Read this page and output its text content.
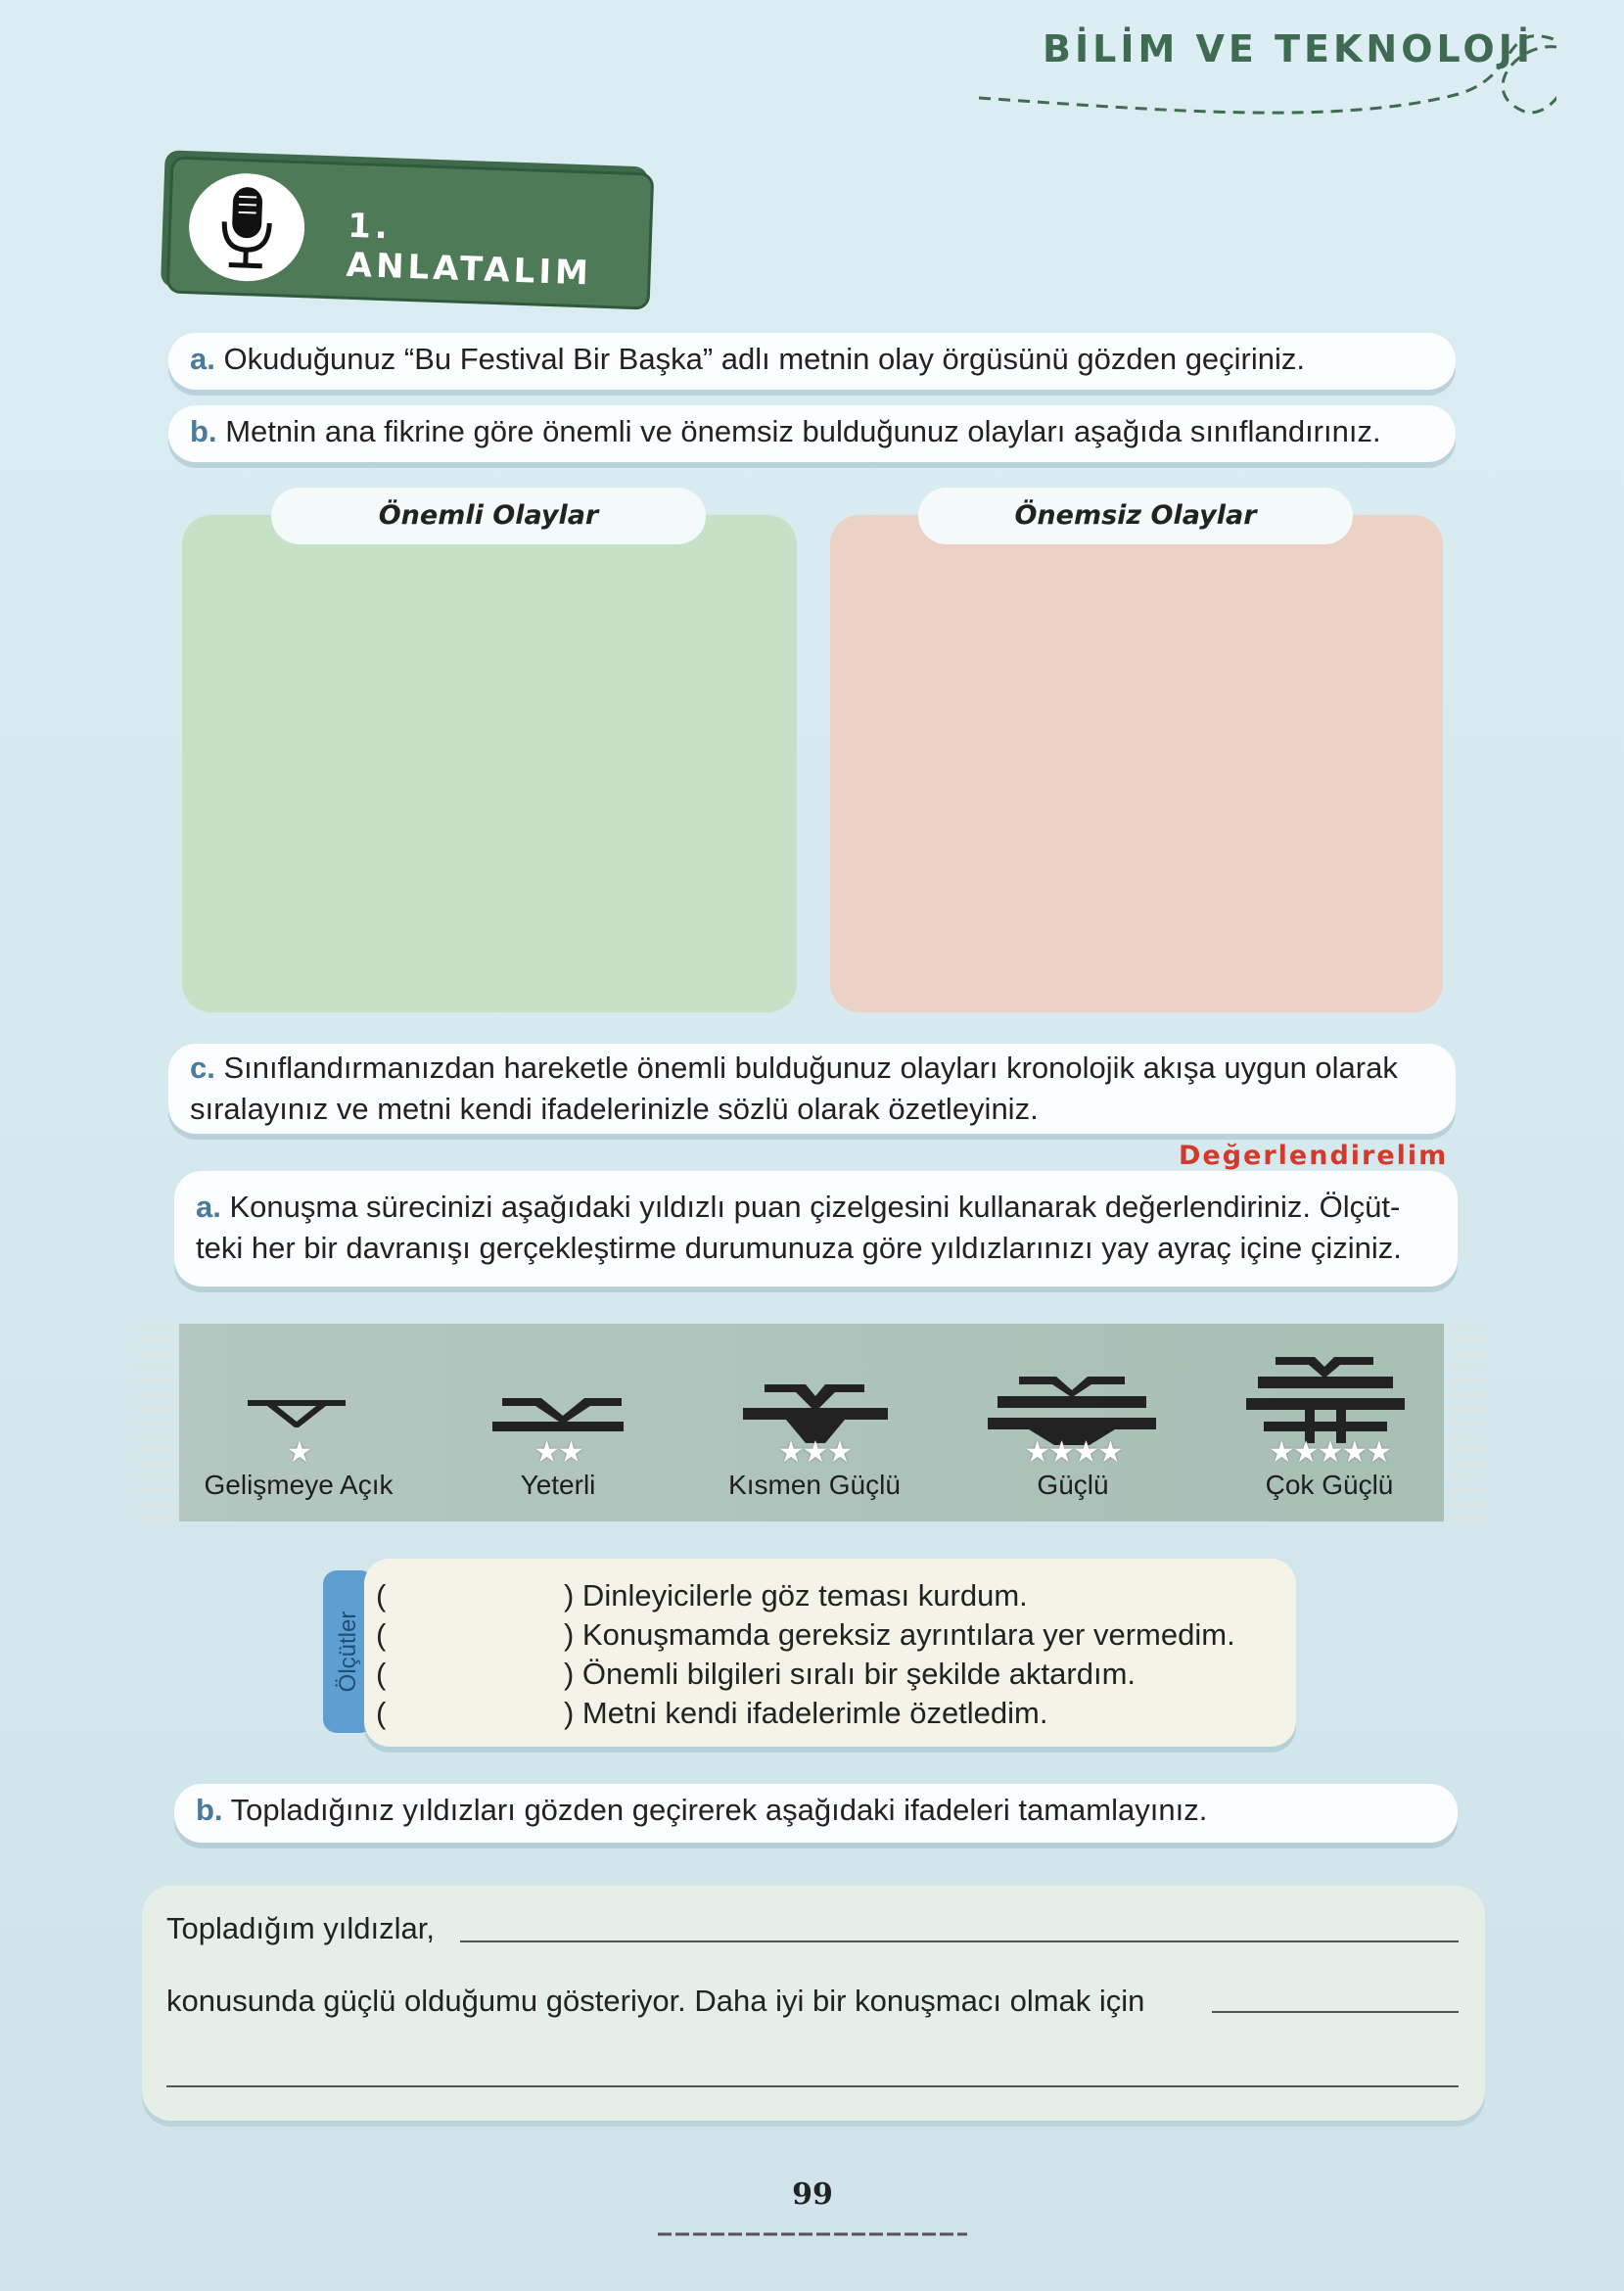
BİLİM VE TEKNOLOJİ
1. ANLATALIM
a. Okuduğunuz “Bu Festival Bir Başka” adlı metnin olay örgüsünü gözden geçiriniz.
b. Metnin ana fikrine göre önemli ve önemsiz bulduğunuz olayları aşağıda sınıflandırınız.
Önemli Olaylar	Önemsiz Olaylar
c. Sınıflandırmanızdan hareketle önemli bulduğunuz olayları kronolojik akışa uygun olarak
sıralayınız ve metni kendi ifadelerinizle sözlü olarak özetleyiniz.
Değerlendirelim
a. Konuşma sürecinizi aşağıdaki yıldızlı puan çizelgesini kullanarak değerlendiriniz. Ölçüt-
teki her bir davranışı gerçekleştirme durumunuza göre yıldızlarınızı yay ayraç içine çiziniz.
★
Gelişmeye Açık
★★
Yeterli
★★★
Kısmen Güçlü
★★★★
Güçlü
★★★★★
Çok Güçlü
Ölçütler
(	) Dinleyicilerle göz teması kurdum.
(	) Konuşmamda gereksiz ayrıntılara yer vermedim.
(	) Önemli bilgileri sıralı bir şekilde aktardım.
(	) Metni kendi ifadelerimle özetledim.
b. Topladığınız yıldızları gözden geçirerek aşağıdaki ifadeleri tamamlayınız.
Topladığım yıldızlar,
konusunda güçlü olduğumu gösteriyor. Daha iyi bir konuşmacı olmak için
99
